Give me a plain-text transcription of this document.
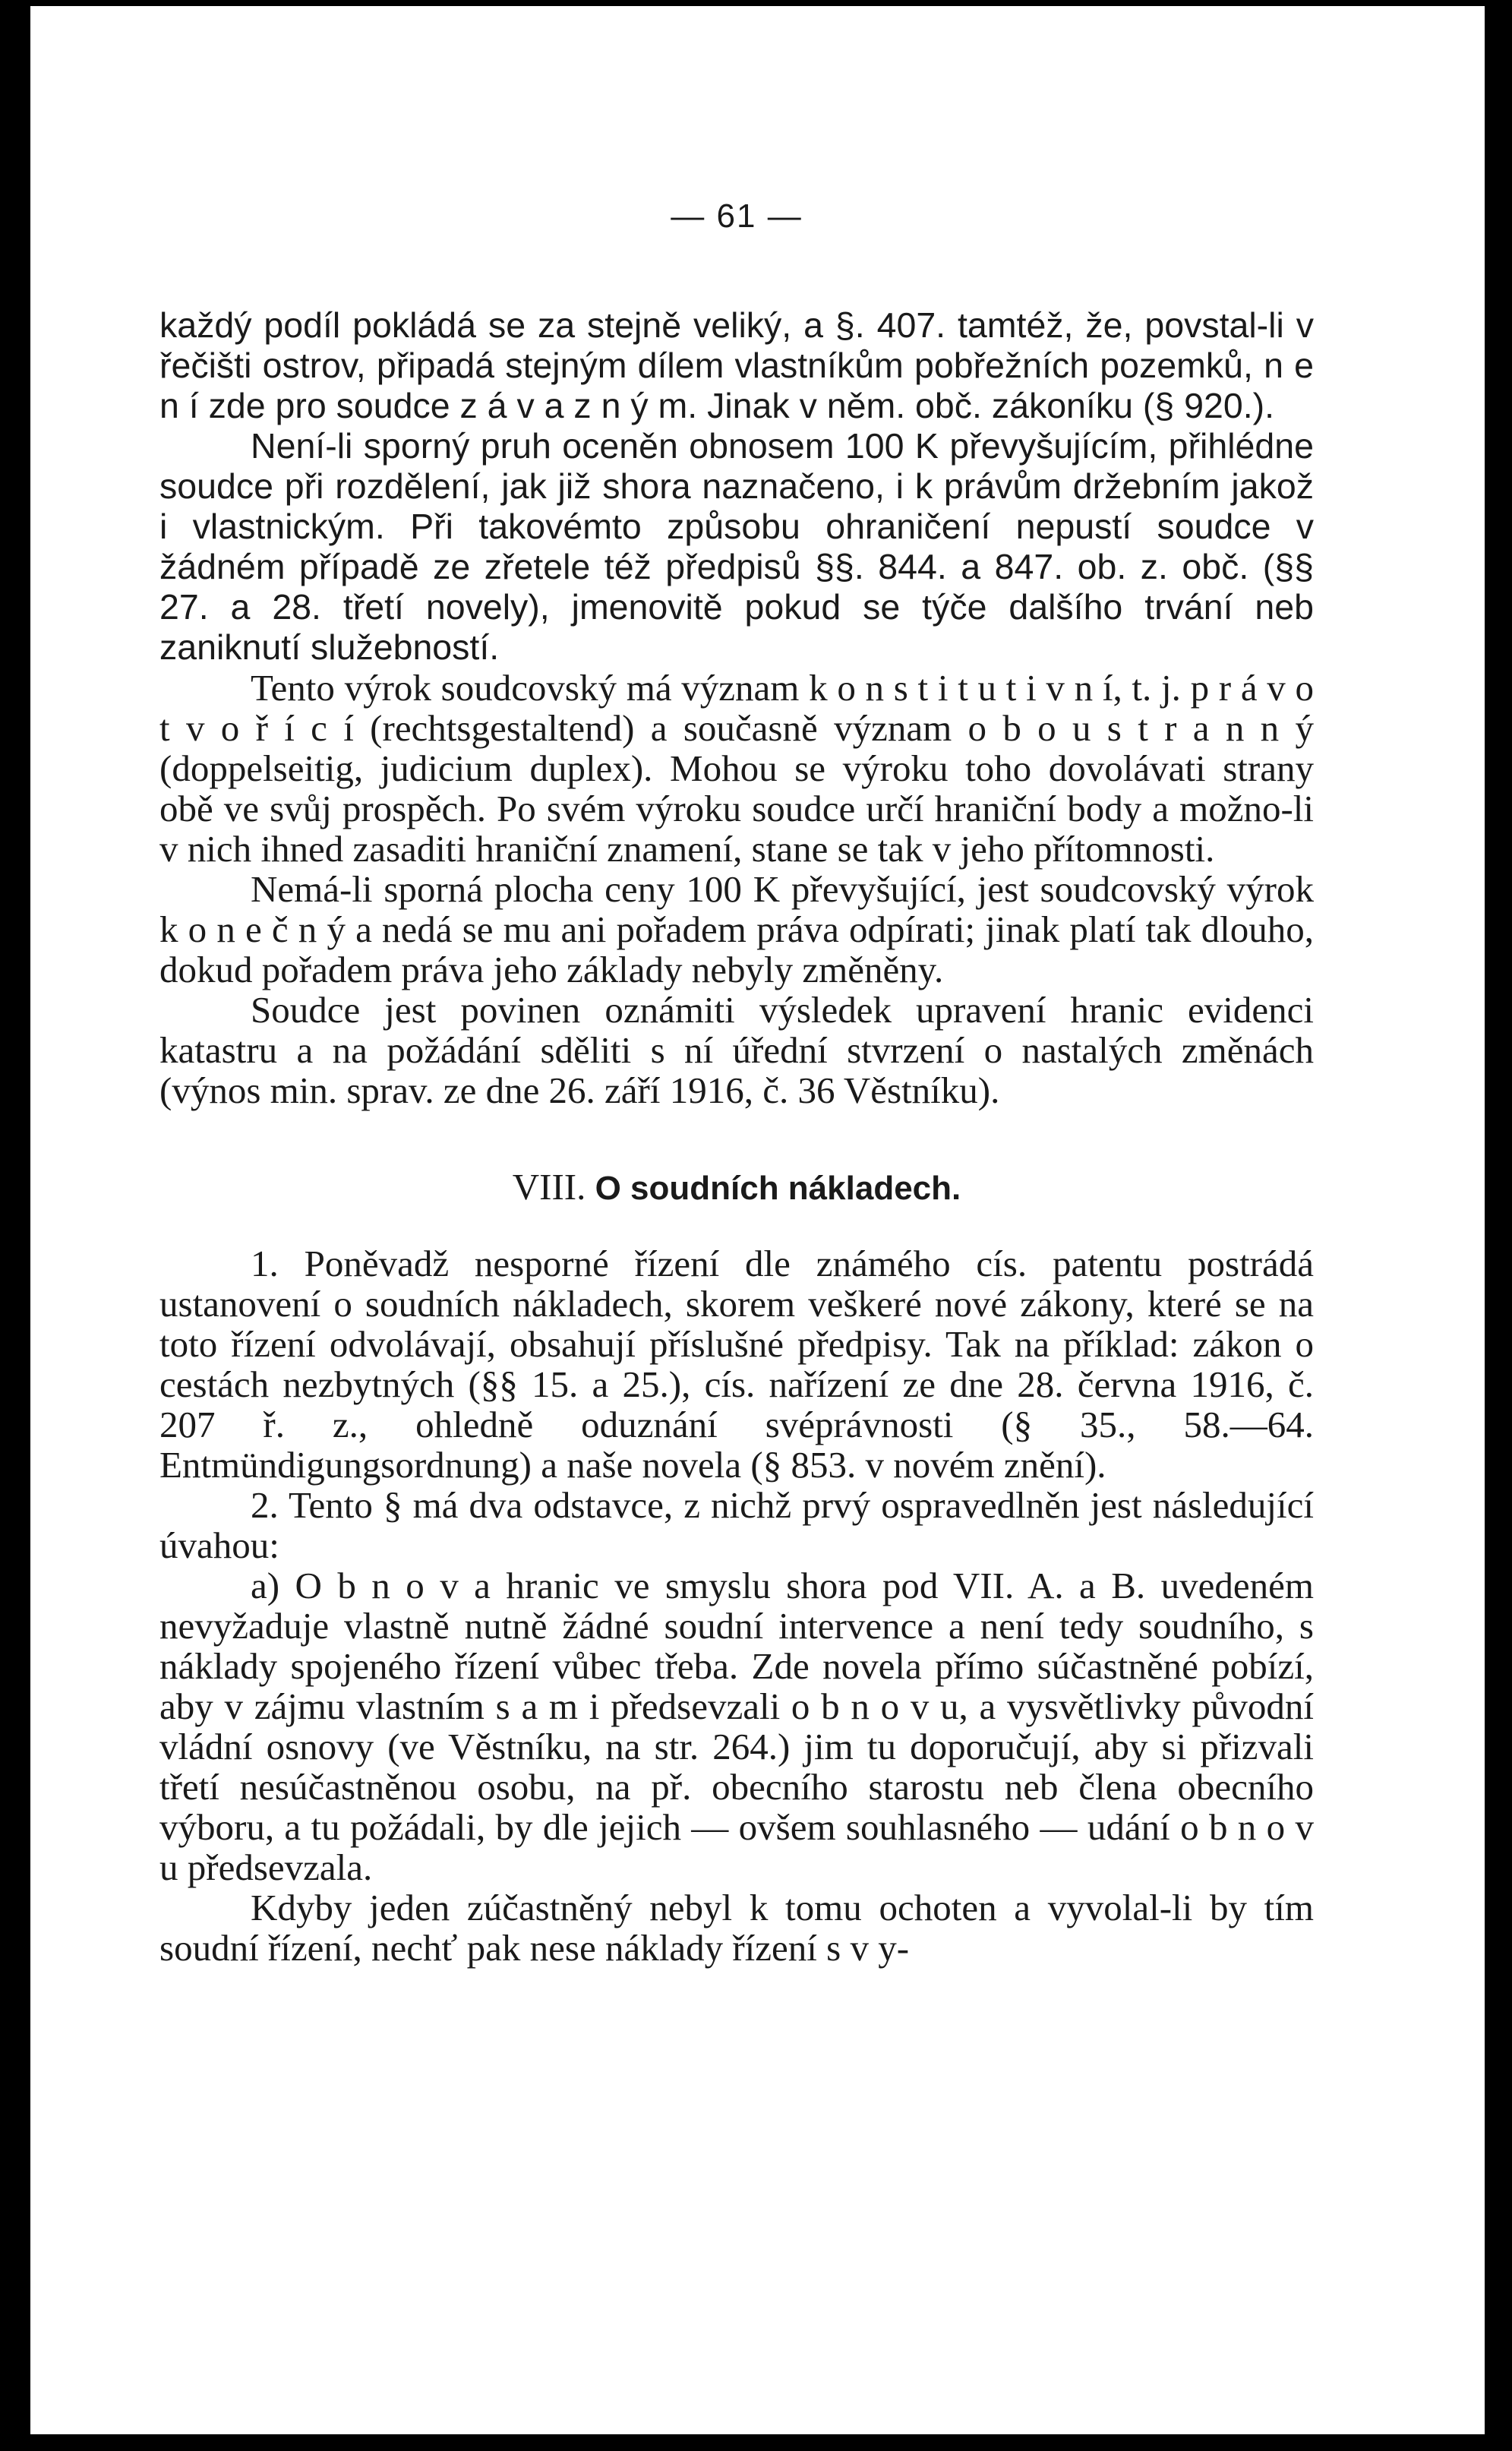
— 61 —

každý podíl pokládá se za stejně veliký, a §. 407. tamtéž, že, povstal-li v řečišti ostrov, připadá stejným dílem vlastníkům pobřežních pozemků, n e n í zde pro soudce z á v a z n ý m. Jinak v něm. obč. zákoníku (§ 920.).

Není-li sporný pruh oceněn obnosem 100 K převyšujícím, přihlédne soudce při rozdělení, jak již shora naznačeno, i k právům držebním jakož i vlastnickým. Při takovémto způsobu ohraničení nepustí soudce v žádném případě ze zřetele též předpisů §§. 844. a 847. ob. z. obč. (§§ 27. a 28. třetí novely), jmenovitě pokud se týče dalšího trvání neb zaniknutí služebností.

Tento výrok soudcovský má význam k o n s t i t u t i v n í, t. j. p r á v o t v o ř í c í (rechtsgestaltend) a současně význam o b o u s t r a n n ý (doppelseitig, judicium duplex). Mohou se výroku toho dovolávati strany obě ve svůj prospěch. Po svém výroku soudce určí hraniční body a možno-li v nich ihned zasaditi hraniční znamení, stane se tak v jeho přítomnosti.

Nemá-li sporná plocha ceny 100 K převyšující, jest soudcovský výrok k o n e č n ý a nedá se mu ani pořadem práva odpírati; jinak platí tak dlouho, dokud pořadem práva jeho základy nebyly změněny.

Soudce jest povinen oznámiti výsledek upravení hranic evidenci katastru a na požádání sděliti s ní úřední stvrzení o nastalých změnách (výnos min. sprav. ze dne 26. září 1916, č. 36 Věstníku).

VIII. O soudních nákladech.

1. Poněvadž nesporné řízení dle známého cís. patentu postrádá ustanovení o soudních nákladech, skorem veškeré nové zákony, které se na toto řízení odvolávají, obsahují příslušné předpisy. Tak na příklad: zákon o cestách nezbytných (§§ 15. a 25.), cís. nařízení ze dne 28. června 1916, č. 207 ř. z., ohledně oduznání svéprávnosti (§ 35., 58.—64. Entmündigungsordnung) a naše novela (§ 853. v novém znění).

2. Tento § má dva odstavce, z nichž prvý ospravedlněn jest následující úvahou:

a) O b n o v a hranic ve smyslu shora pod VII. A. a B. uvedeném nevyžaduje vlastně nutně žádné soudní intervence a není tedy soudního, s náklady spojeného řízení vůbec třeba. Zde novela přímo súčastněné pobízí, aby v zájmu vlastním s a m i předsevzali o b n o v u, a vysvětlivky původní vládní osnovy (ve Věstníku, na str. 264.) jim tu doporučují, aby si přizvali třetí nesúčastněnou osobu, na př. obecního starostu neb člena obecního výboru, a tu požádali, by dle jejich — ovšem souhlasného — udání o b n o v u předsevzala.

Kdyby jeden zúčastněný nebyl k tomu ochoten a vyvolal-li by tím soudní řízení, nechť pak nese náklady řízení s v y-
